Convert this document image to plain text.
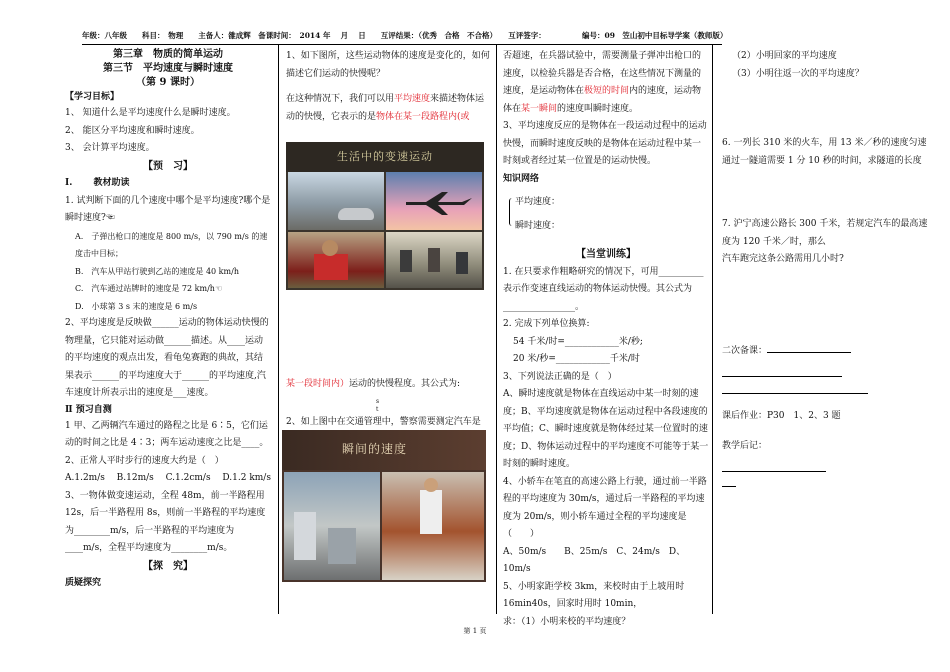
年级：八年级　　科目：　物理　　主备人：雒成辉　备课时间：　2014 年　 月　 日　　互评结果：（优秀　合格　不合格）　　互评签字：	编号：09　笠山初中目标导学案（教师版）

第三章　物质的简单运动

第三节　平均速度与瞬时速度

（第 9 课时）

【学习目标】

1、 知道什么是平均速度什么是瞬时速度。

2、 能区分平均速度和瞬时速度。

3、 会计算平均速度。

【预　习】

I.　　 教材助读

1. 试判断下面的几个速度中哪个是平均速度?哪个是瞬时速度?☜

A.　子弹出枪口的速度是 800 m/s，以 790 m/s 的速度击中目标；

B.　汽车从甲站行驶到乙站的速度是 40 km/h

C.　汽车通过站牌时的速度是 72 km/h☜

D.　小球第 3 s 末的速度是 6 m/s

2、平均速度是反映做______运动的物体运动快慢的物理量，它只能对运动做______描述。从____运动的平均速度的观点出发，看龟兔赛跑的典故，其结果表示______的平均速度大于______的平均速度,汽车速度计所表示出的速度是___速度。

Ⅱ 预习自测

1 甲、乙两辆汽车通过的路程之比是 6∶5，它们运动的时间之比是 4∶3；两车运动速度之比是____。

2、正常人平时步行的速度大约是（　）

A.1.2m/s B.12m/s C.1.2cm/s D.1.2 km/s

3、一物体做变速运动，全程 48m，前一半路程用 12s，后一半路程用 8s，则前一半路程的平均速度为________m/s，后一半路程的平均速度为____m/s，全程平均速度为________m/s。

【探　究】

质疑探究

1、如下图所，这些运动物体的速度是变化的，如何描述它们运动的快慢呢？

在这种情况下，我们可以用平均速度来描述物体运动的快慢，它表示的是物体在某一段路程内(或

生活中的变速运动

某一段时间内）运动的快慢程度。其公式为:

s
t

2、如上图中在交通管理中，警察需要测定汽车是

瞬间的速度

否超速，在兵器试验中，需要测量子弹冲出枪口的速度，以检验兵器是否合格，在这些情况下测量的速度，是运动物体在极短的时间内的速度，运动物体在某一瞬间的速度叫瞬时速度。

3、平均速度反应的是物体在一段运动过程中的运动快慢，而瞬时速度反映的是物体在运动过程中某一时刻或者经过某一位置是的运动快慢。

知识网络

平均速度：

瞬时速度：

【当堂训练】

1. 在只要求作粗略研究的情况下，可用__________表示作变速直线运动的物体运动快慢。其公式为________________。

2. 完成下列单位换算:

54 千米/时=____________米/秒;

20 米/秒=____________千米/时

3、下列说法正确的是（　）

A、瞬时速度就是物体在直线运动中某一时刻的速度；B、平均速度就是物体在运动过程中各段速度的平均值；C、瞬时速度就是物体经过某一位置时的速度；D、物体运动过程中的平均速度不可能等于某一时刻的瞬时速度。

4、小轿车在笔直的高速公路上行驶，通过前一半路程的平均速度为 30m/s，通过后一半路程的平均速度为 20m/s，则小轿车通过全程的平均速度是（　　）

A、50m/s　　B、25m/s　C、24m/s　D、10m/s

5、小明家距学校 3km，来校时由于上坡用时 16min40s，回家时用时 10min，

求：（1）小明来校的平均速度？

（2）小明回家的平均速度

（3）小明往返一次的平均速度？

6. 一列长 310 米的火车，用 13 米／秒的速度匀速通过一隧道需要 1 分 10 秒的时间，求隧道的长度

7. 沪宁高速公路长 300 千米，若规定汽车的最高速度为 120 千米／时，那么

汽车跑完这条公路需用几小时?

二次备课：

课后作业：P30　1、2、3 题

教学后记：

第 1 页
